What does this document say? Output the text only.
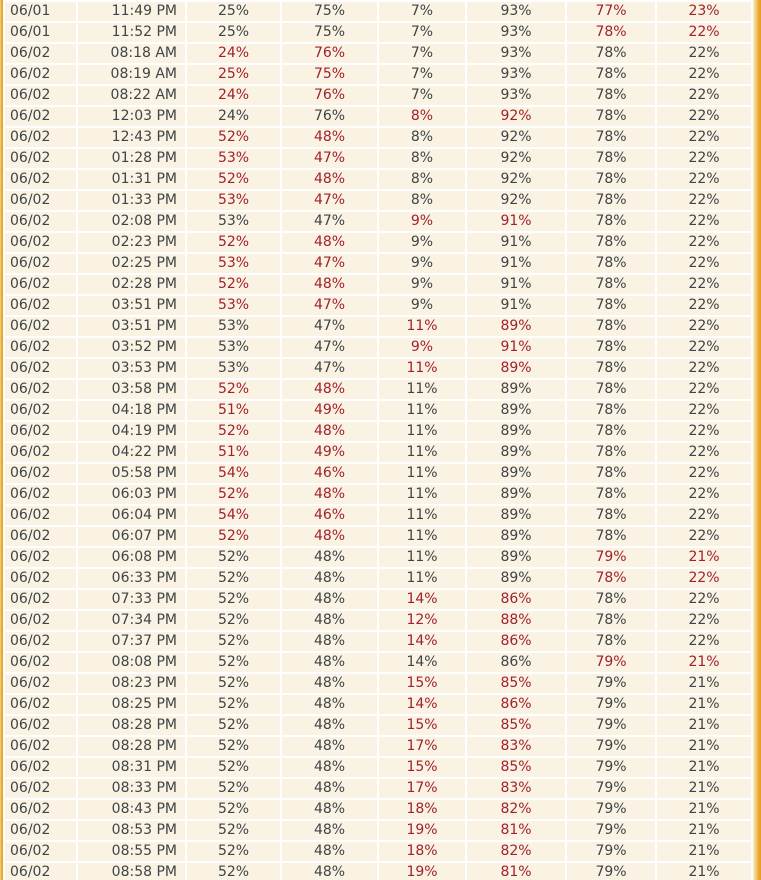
06/01	11:49 PM	25%	75%	7%	93%	77%	23%
06/01	11:52 PM	25%	75%	7%	93%	78%	22%
06/02	08:18 AM	24%	76%	7%	93%	78%	22%
06/02	08:19 AM	25%	75%	7%	93%	78%	22%
06/02	08:22 AM	24%	76%	7%	93%	78%	22%
06/02	12:03 PM	24%	76%	8%	92%	78%	22%
06/02	12:43 PM	52%	48%	8%	92%	78%	22%
06/02	01:28 PM	53%	47%	8%	92%	78%	22%
06/02	01:31 PM	52%	48%	8%	92%	78%	22%
06/02	01:33 PM	53%	47%	8%	92%	78%	22%
06/02	02:08 PM	53%	47%	9%	91%	78%	22%
06/02	02:23 PM	52%	48%	9%	91%	78%	22%
06/02	02:25 PM	53%	47%	9%	91%	78%	22%
06/02	02:28 PM	52%	48%	9%	91%	78%	22%
06/02	03:51 PM	53%	47%	9%	91%	78%	22%
06/02	03:51 PM	53%	47%	11%	89%	78%	22%
06/02	03:52 PM	53%	47%	9%	91%	78%	22%
06/02	03:53 PM	53%	47%	11%	89%	78%	22%
06/02	03:58 PM	52%	48%	11%	89%	78%	22%
06/02	04:18 PM	51%	49%	11%	89%	78%	22%
06/02	04:19 PM	52%	48%	11%	89%	78%	22%
06/02	04:22 PM	51%	49%	11%	89%	78%	22%
06/02	05:58 PM	54%	46%	11%	89%	78%	22%
06/02	06:03 PM	52%	48%	11%	89%	78%	22%
06/02	06:04 PM	54%	46%	11%	89%	78%	22%
06/02	06:07 PM	52%	48%	11%	89%	78%	22%
06/02	06:08 PM	52%	48%	11%	89%	79%	21%
06/02	06:33 PM	52%	48%	11%	89%	78%	22%
06/02	07:33 PM	52%	48%	14%	86%	78%	22%
06/02	07:34 PM	52%	48%	12%	88%	78%	22%
06/02	07:37 PM	52%	48%	14%	86%	78%	22%
06/02	08:08 PM	52%	48%	14%	86%	79%	21%
06/02	08:23 PM	52%	48%	15%	85%	79%	21%
06/02	08:25 PM	52%	48%	14%	86%	79%	21%
06/02	08:28 PM	52%	48%	15%	85%	79%	21%
06/02	08:28 PM	52%	48%	17%	83%	79%	21%
06/02	08:31 PM	52%	48%	15%	85%	79%	21%
06/02	08:33 PM	52%	48%	17%	83%	79%	21%
06/02	08:43 PM	52%	48%	18%	82%	79%	21%
06/02	08:53 PM	52%	48%	19%	81%	79%	21%
06/02	08:55 PM	52%	48%	18%	82%	79%	21%
06/02	08:58 PM	52%	48%	19%	81%	79%	21%
